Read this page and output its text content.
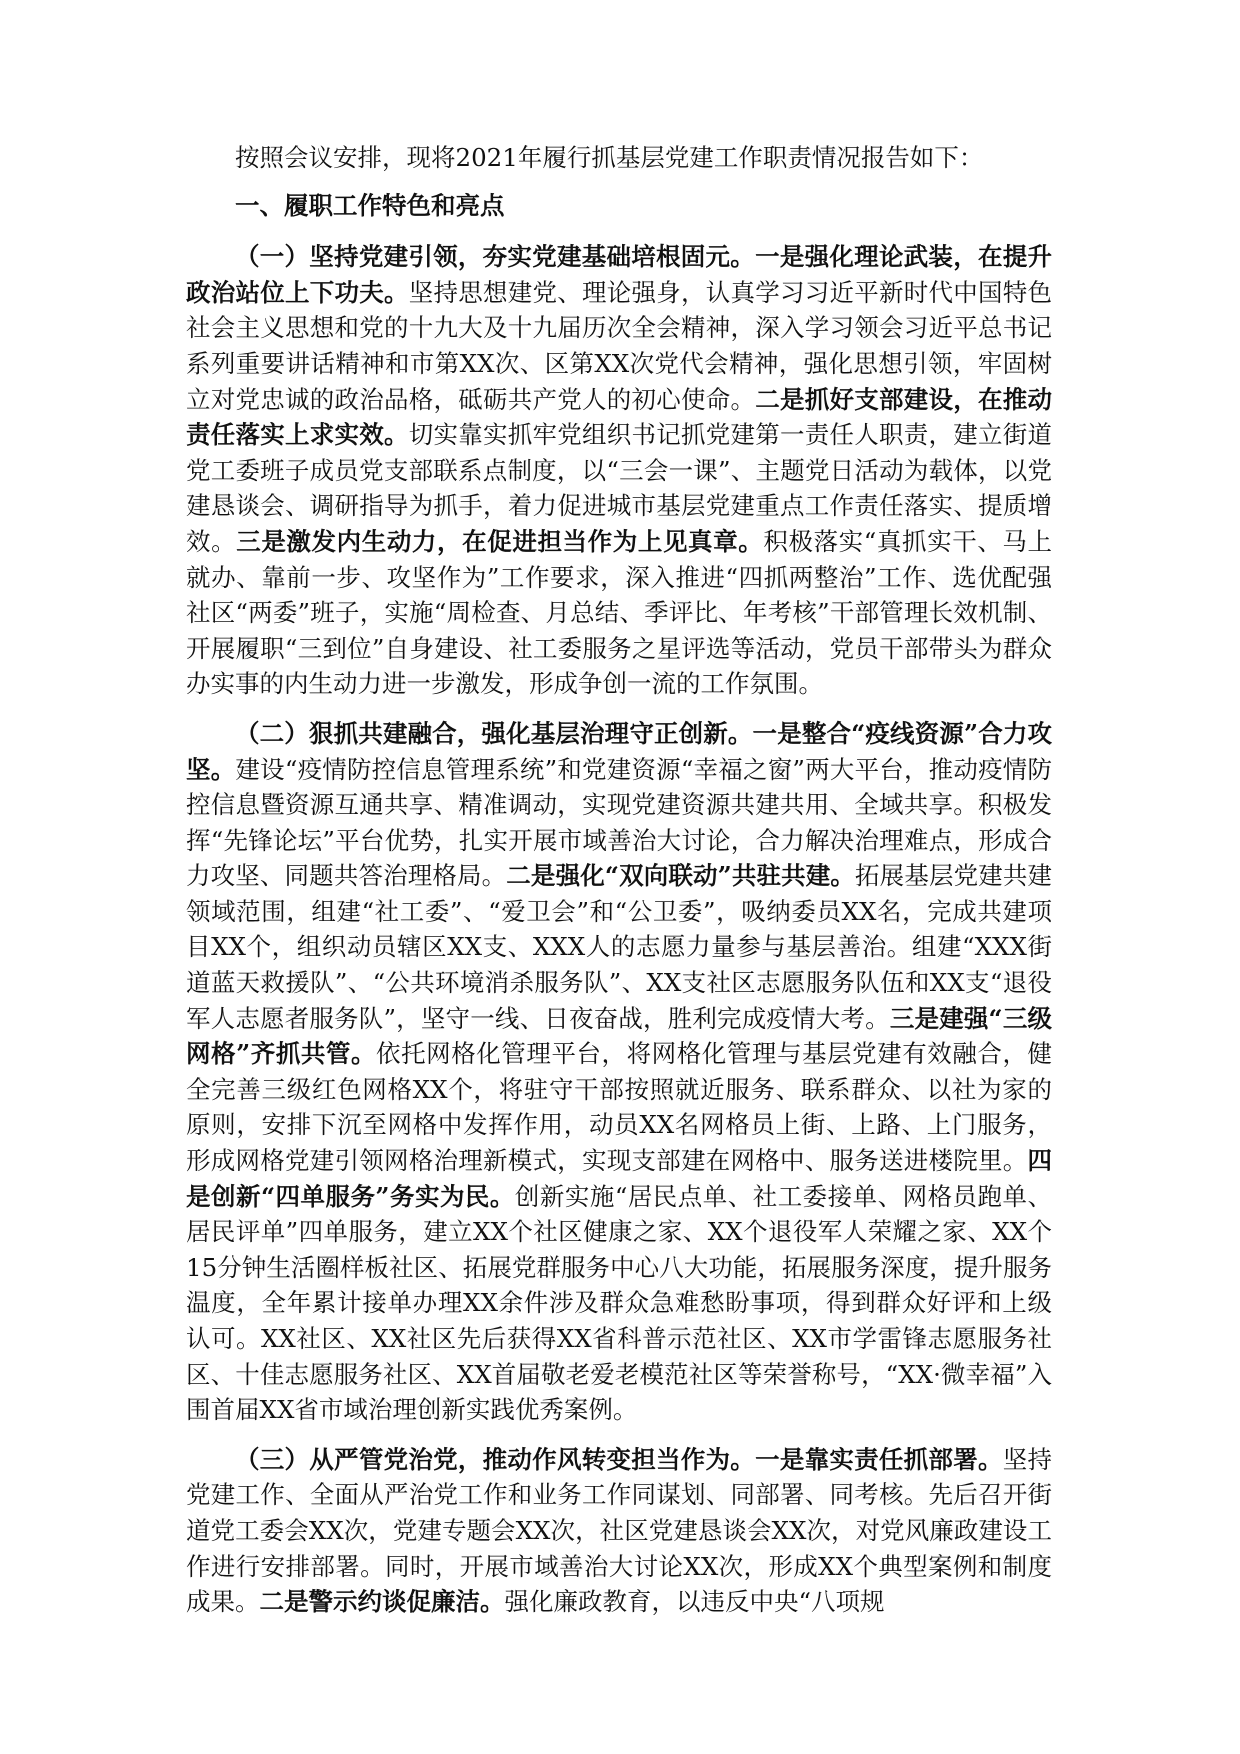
按照会议安排，现将2021年履行抓基层党建工作职责情况报告如下：

一、履职工作特色和亮点

（一）坚持党建引领，夯实党建基础培根固元。一是强化理论武装，在提升政治站位上下功夫。坚持思想建党、理论强身，认真学习习近平新时代中国特色社会主义思想和党的十九大及十九届历次全会精神，深入学习领会习近平总书记系列重要讲话精神和市第XX次、区第XX次党代会精神，强化思想引领，牢固树立对党忠诚的政治品格，砥砺共产党人的初心使命。二是抓好支部建设，在推动责任落实上求实效。切实靠实抓牢党组织书记抓党建第一责任人职责，建立街道党工委班子成员党支部联系点制度，以“三会一课”、主题党日活动为载体，以党建恳谈会、调研指导为抓手，着力促进城市基层党建重点工作责任落实、提质增效。三是激发内生动力，在促进担当作为上见真章。积极落实“真抓实干、马上就办、靠前一步、攻坚作为”工作要求，深入推进“四抓两整治”工作、选优配强社区“两委”班子，实施“周检查、月总结、季评比、年考核”干部管理长效机制、开展履职“三到位”自身建设、社工委服务之星评选等活动，党员干部带头为群众办实事的内生动力进一步激发，形成争创一流的工作氛围。

（二）狠抓共建融合，强化基层治理守正创新。一是整合“疫线资源”合力攻坚。建设“疫情防控信息管理系统”和党建资源“幸福之窗”两大平台，推动疫情防控信息暨资源互通共享、精准调动，实现党建资源共建共用、全域共享。积极发挥“先锋论坛”平台优势，扎实开展市域善治大讨论，合力解决治理难点，形成合力攻坚、同题共答治理格局。二是强化“双向联动”共驻共建。拓展基层党建共建领域范围，组建“社工委”、“爱卫会”和“公卫委”，吸纳委员XX名，完成共建项目XX个，组织动员辖区XX支、XXX人的志愿力量参与基层善治。组建“XXX街道蓝天救援队”、“公共环境消杀服务队”、XX支社区志愿服务队伍和XX支“退役军人志愿者服务队”，坚守一线、日夜奋战，胜利完成疫情大考。三是建强“三级网格”齐抓共管。依托网格化管理平台，将网格化管理与基层党建有效融合，健全完善三级红色网格XX个，将驻守干部按照就近服务、联系群众、以社为家的原则，安排下沉至网格中发挥作用，动员XX名网格员上街、上路、上门服务，形成网格党建引领网格治理新模式，实现支部建在网格中、服务送进楼院里。四是创新“四单服务”务实为民。创新实施“居民点单、社工委接单、网格员跑单、居民评单”四单服务，建立XX个社区健康之家、XX个退役军人荣耀之家、XX个15分钟生活圈样板社区、拓展党群服务中心八大功能，拓展服务深度，提升服务温度，全年累计接单办理XX余件涉及群众急难愁盼事项，得到群众好评和上级认可。XX社区、XX社区先后获得XX省科普示范社区、XX市学雷锋志愿服务社区、十佳志愿服务社区、XX首届敬老爱老模范社区等荣誉称号，“XX·微幸福”入围首届XX省市域治理创新实践优秀案例。

（三）从严管党治党，推动作风转变担当作为。一是靠实责任抓部署。坚持党建工作、全面从严治党工作和业务工作同谋划、同部署、同考核。先后召开街道党工委会XX次，党建专题会XX次，社区党建恳谈会XX次，对党风廉政建设工作进行安排部署。同时，开展市域善治大讨论XX次，形成XX个典型案例和制度成果。二是警示约谈促廉洁。强化廉政教育，以违反中央“八项规
